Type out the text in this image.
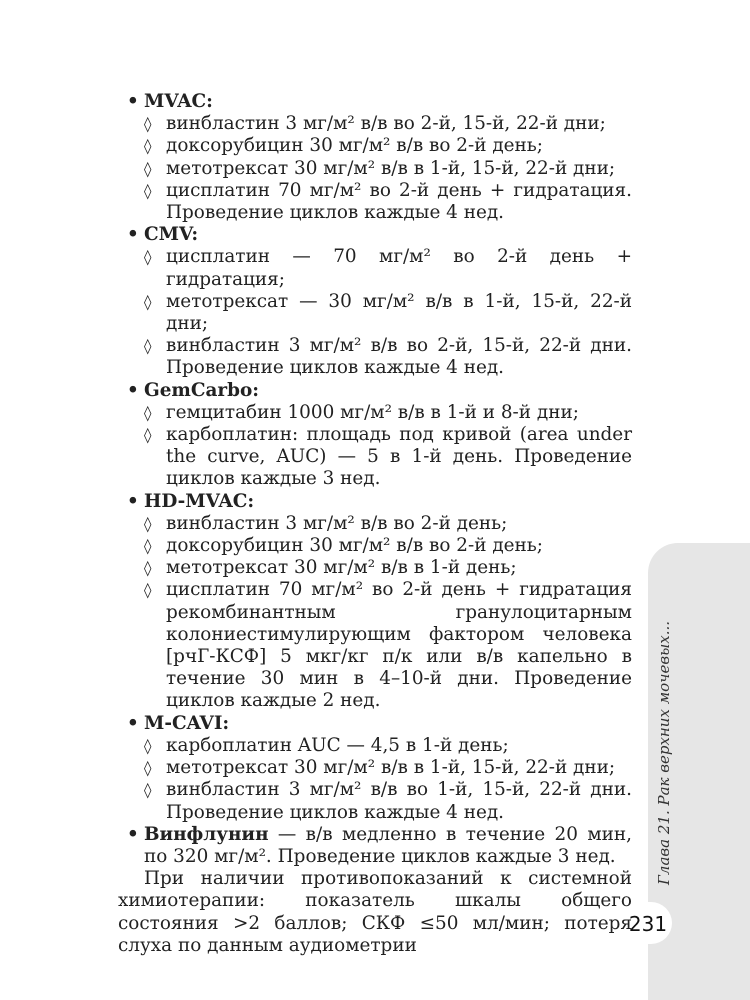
Глава 21. Рак верхних мочевых...
231
• MVAC:
◊ винбластин 3 мг/м² в/в во 2-й, 15-й, 22-й дни;
◊ доксорубицин 30 мг/м² в/в во 2-й день;
◊ метотрексат 30 мг/м² в/в в 1-й, 15-й, 22-й дни;
◊ цисплатин 70 мг/м² во 2-й день + гидратация. Проведение циклов каждые 4 нед.
• CMV:
◊ цисплатин — 70 мг/м² во 2-й день + гидратация;
◊ метотрексат — 30 мг/м² в/в в 1-й, 15-й, 22-й дни;
◊ винбластин 3 мг/м² в/в во 2-й, 15-й, 22-й дни. Проведение циклов каждые 4 нед.
• GemCarbo:
◊ гемцитабин 1000 мг/м² в/в в 1-й и 8-й дни;
◊ карбоплатин: площадь под кривой (area under the curve, AUC) — 5 в 1-й день. Проведение циклов каждые 3 нед.
• HD-MVAC:
◊ винбластин 3 мг/м² в/в во 2-й день;
◊ доксорубицин 30 мг/м² в/в во 2-й день;
◊ метотрексат 30 мг/м² в/в в 1-й день;
◊ цисплатин 70 мг/м² во 2-й день + гидратация рекомбинантным гранулоцитарным колониестимулирующим фактором человека [рчГ-КСФ] 5 мкг/кг п/к или в/в капельно в течение 30 мин в 4–10-й дни. Проведение циклов каждые 2 нед.
• M-CAVI:
◊ карбоплатин AUC — 4,5 в 1-й день;
◊ метотрексат 30 мг/м² в/в в 1-й, 15-й, 22-й дни;
◊ винбластин 3 мг/м² в/в во 1-й, 15-й, 22-й дни. Проведение циклов каждые 4 нед.
• Винфлунин — в/в медленно в течение 20 мин, по 320 мг/м². Проведение циклов каждые 3 нед.

При наличии противопоказаний к системной химиотерапии: показатель шкалы общего состояния >2 баллов; СКФ ≤50 мл/мин; потеря слуха по данным аудиометрии
